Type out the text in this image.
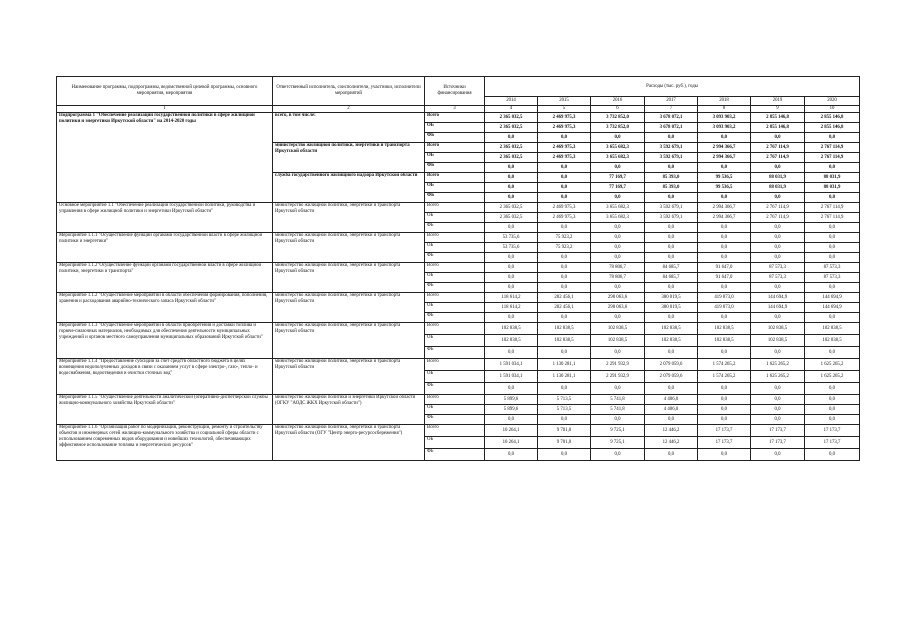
Наименование программы, подпрограммы, ведомственной целевой программы, основного мероприятия, мероприятия	Ответственный исполнитель, соисполнители, участники, исполнители мероприятий	Источники финансирования	Расходы (тыс. руб.), годы						
			2014	2015	2016	2017	2018	2019	2020
1	2	3	4	5	6	7	8	9	10
Подпрограмма 1 "Обеспечение реализации государственной политики в сфере жилищной политики и энергетики Иркутской области" на 2014-2020 годы	всего, в том числе:	Всего	2 365 032,5	2 469 975,3	3 732 852,0	3 678 072,1	3 093 903,2	2 855 146,8	2 855 146,8
		ОБ	2 365 032,5	2 469 975,3	3 732 852,0	3 678 072,1	3 093 903,2	2 855 146,8	2 855 146,8
		ФБ	0,0	0,0	0,0	0,0	0,0	0,0	0,0
	министерство жилищной политики, энергетики и транспорта Иркутской области	Всего	2 365 032,5	2 469 975,3	3 655 682,3	3 592 679,1	2 994 366,7	2 767 114,9	2 767 114,9
		ОБ	2 365 032,5	2 469 975,3	3 655 682,3	3 592 679,1	2 994 366,7	2 767 114,9	2 767 114,9
		ФБ	0,0	0,0	0,0	0,0	0,0	0,0	0,0
	служба государственного жилищного надзора Иркутской области	Всего	0,0	0,0	77 169,7	85 393,0	99 536,5	88 031,9	88 031,9
		ОБ	0,0	0,0	77 169,7	85 393,0	99 536,5	88 031,9	88 031,9
		ФБ	0,0	0,0	0,0	0,0	0,0	0,0	0,0
Основное мероприятие 1.1 "Обеспечение реализации государственной политики, руководства и управления в сфере жилищной политики и энергетики Иркутской области"	министерство жилищной политики, энергетики и транспорта Иркутской области	Всего	2 365 032,5	2 469 975,3	3 655 682,3	3 592 679,1	2 994 366,7	2 767 114,9	2 767 114,9
		ОБ	2 365 032,5	2 469 975,3	3 655 682,3	3 592 679,1	2 994 366,7	2 767 114,9	2 767 114,9
		ФБ	0,0	0,0	0,0	0,0	0,0	0,0	0,0
Мероприятие 1.1.1 "Осуществление функций органами государственной власти в сфере жилищной политики и энергетики"	министерство жилищной политики, энергетики и транспорта Иркутской области	Всего	53 735,6	75 923,2	0,0	0,0	0,0	0,0	0,0
		ОБ	53 735,6	75 923,2	0,0	0,0	0,0	0,0	0,0
		ФБ	0,0	0,0	0,0	0,0	0,0	0,0	0,0
Мероприятие 1.1.2"Осуществление функций органами государственной власти в сфере жилищной политики, энергетики и транспорта"	министерство жилищной политики, энергетики и транспорта Иркутской области	Всего	0,0	0,0	78 806,7	84 685,7	91 647,0	87 573,3	87 573,3
		ОБ	0,0	0,0	78 806,7	84 685,7	91 647,0	87 573,3	87 573,3
		ФБ	0,0	0,0	0,0	0,0	0,0	0,0	0,0
Мероприятие 1.1.2 "Осуществление мероприятий в области обеспечения формирования, пополнения, хранения и расходования аварийно-технического запаса Иркутской области"	министерство жилищной политики, энергетики и транспорта Иркутской области	Всего	118 614,2	282 456,1	298 063,6	380 019,5	419 873,0	144 694,9	144 694,9
		ОБ	118 614,2	282 456,1	298 063,6	380 019,5	419 873,0	144 694,9	144 694,9
		ФБ	0,0	0,0	0,0	0,0	0,0	0,0	0,0
Мероприятие 1.1.3 "Осуществление мероприятий в области приобретения и доставки топлива и горюче-смазочных материалов, необходимых для обеспечения деятельности муниципальных учреждений и органов местного самоуправления муниципальных образований Иркутской области"	министерство жилищной политики, энергетики и транспорта Иркутской области	Всего	102 838,5	102 838,5	102 838,5	102 838,5	102 838,5	102 838,5	102 838,5
		ОБ	102 838,5	102 838,5	102 838,5	102 838,5	102 838,5	102 838,5	102 838,5
		ФБ	0,0	0,0	0,0	0,0	0,0	0,0	0,0
Мероприятие 1.1.4 "Предоставление субсидий за счет средств областного бюджета в целях возмещения недополученных доходов в связи с оказанием услуг в сфере электро-, газо-, тепло- и водоснабжения, водоотведения и очистки сточных вод"	министерство жилищной политики, энергетики и транспорта Иркутской области	Всего	1 591 034,1	1 130 281,1	2 291 932,9	2 079 059,6	1 574 265,2	1 625 265,2	1 625 265,2
		ОБ	1 591 034,1	1 130 281,1	2 291 932,9	2 079 059,6	1 574 265,2	1 625 265,2	1 625 265,2
		ФБ	0,0	0,0	0,0	0,0	0,0	0,0	0,0
Мероприятие 1.1.5 "Осуществление деятельности аналитической (оперативно-диспетчерской службы жилищно-коммунального хозяйства Иркутской области"	министерство жилищной политики и энергетики Иркутской области (ОГКУ "АОДС ЖКХ Иркутской области")	Всего	5 899,6	5 713,5	5 741,8	4 406,0	0,0	0,0	0,0
		ОБ	5 899,6	5 713,5	5 741,8	4 406,0	0,0	0,0	0,0
		ФБ	0,0	0,0	0,0	0,0	0,0	0,0	0,0
Мероприятие 1.1.6 "Организация работ по модернизации, реконструкции, ремонту и строительству объектов и инженерных сетей жилищно-коммунального хозяйства и социальной сферы области с использованием современных видов оборудования и новейших технологий, обеспечивающих эффективное использование топлива и энергетических ресурсов"	министерство жилищной политики, энергетики и транспорта Иркутской области (ОГУ "Центр энерго-ресурсосбережения")	Всего	10 264,1	9 701,0	9 725,1	12 446,2	17 173,7	17 173,7	17 173,7
		ОБ	10 264,1	9 701,0	9 725,1	12 446,2	17 173,7	17 173,7	17 173,7
		ФБ	0,0	0,0	0,0	0,0	0,0	0,0	0,0
